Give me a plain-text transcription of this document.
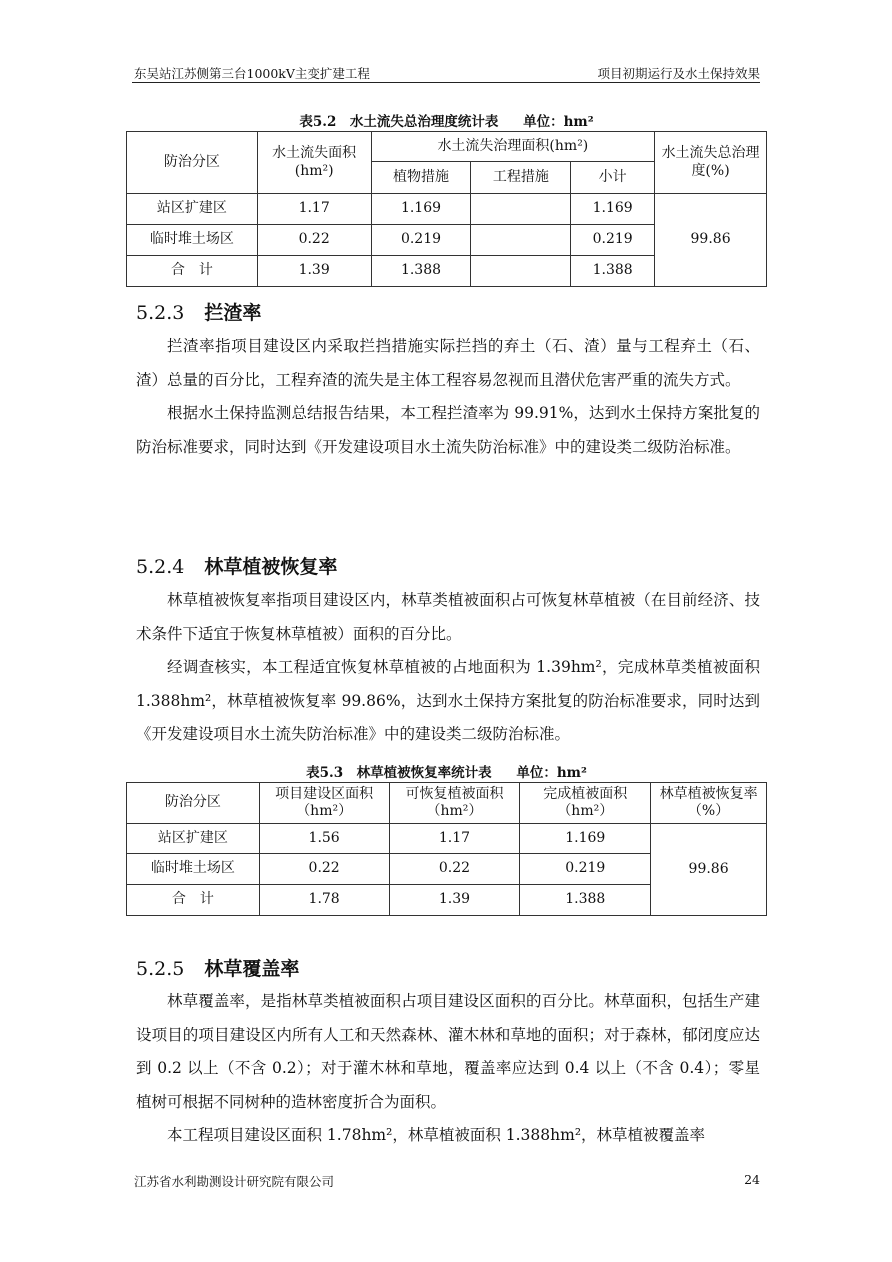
东吴站江苏侧第三台1000kV主变扩建工程	项目初期运行及水土保持效果
表5.2　水土流失总治理度统计表 单位：hm²
防治分区	水土流失面积(hm²)	水土流失治理面积(hm²)			水土流失总治理度(%)
		植物措施	工程措施	小计	
站区扩建区	1.17	1.169		1.169	99.86
临时堆土场区	0.22	0.219		0.219	
合　计	1.39	1.388		1.388	
5.2.3 拦渣率

拦渣率指项目建设区内采取拦挡措施实际拦挡的弃土（石、渣）量与工程弃土（石、渣）总量的百分比，工程弃渣的流失是主体工程容易忽视而且潜伏危害严重的流失方式。

根据水土保持监测总结报告结果，本工程拦渣率为 99.91%，达到水土保持方案批复的防治标准要求，同时达到《开发建设项目水土流失防治标准》中的建设类二级防治标准。

5.2.4 林草植被恢复率

林草植被恢复率指项目建设区内，林草类植被面积占可恢复林草植被（在目前经济、技术条件下适宜于恢复林草植被）面积的百分比。

经调查核实，本工程适宜恢复林草植被的占地面积为 1.39hm²，完成林草类植被面积 1.388hm²，林草植被恢复率 99.86%，达到水土保持方案批复的防治标准要求，同时达到《开发建设项目水土流失防治标准》中的建设类二级防治标准。

表5.3　林草植被恢复率统计表 单位：hm²
防治分区	项目建设区面积（hm²）	可恢复植被面积（hm²）	完成植被面积（hm²）	林草植被恢复率（%）
站区扩建区	1.56	1.17	1.169	99.86
临时堆土场区	0.22	0.22	0.219	
合　计	1.78	1.39	1.388	
5.2.5 林草覆盖率

林草覆盖率，是指林草类植被面积占项目建设区面积的百分比。林草面积，包括生产建设项目的项目建设区内所有人工和天然森林、灌木林和草地的面积；对于森林，郁闭度应达到 0.2 以上（不含 0.2）；对于灌木林和草地，覆盖率应达到 0.4 以上（不含 0.4）；零星植树可根据不同树种的造林密度折合为面积。

本工程项目建设区面积 1.78hm²，林草植被面积 1.388hm²，林草植被覆盖率

江苏省水利勘测设计研究院有限公司	24
